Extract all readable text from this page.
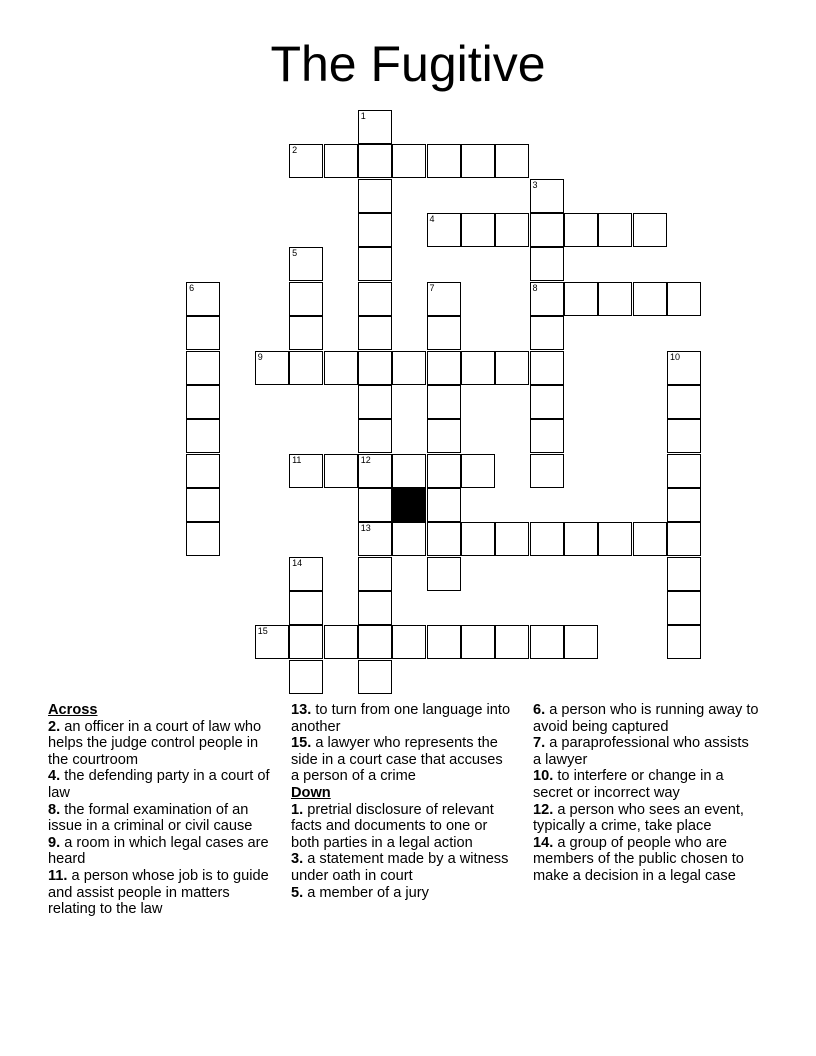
The Fugitive
2
4
8
9
11	12
13
15
1
3
5
6	7
10
14
Across

2. an officer in a court of law who helps the judge control people in the courtroom

4. the defending party in a court of law

8. the formal examination of an issue in a criminal or civil cause

9. a room in which legal cases are heard

11. a person whose job is to guide and assist people in matters relating to the law

13. to turn from one language into another

15. a lawyer who represents the side in a court case that accuses a person of a crime

Down

1. pretrial disclosure of relevant facts and documents to one or both parties in a legal action

3. a statement made by a witness under oath in court

5. a member of a jury

6. a person who is running away to avoid being captured

7. a paraprofessional who assists a lawyer

10. to interfere or change in a secret or incorrect way

12. a person who sees an event, typically a crime, take place

14. a group of people who are members of the public chosen to make a decision in a legal case
